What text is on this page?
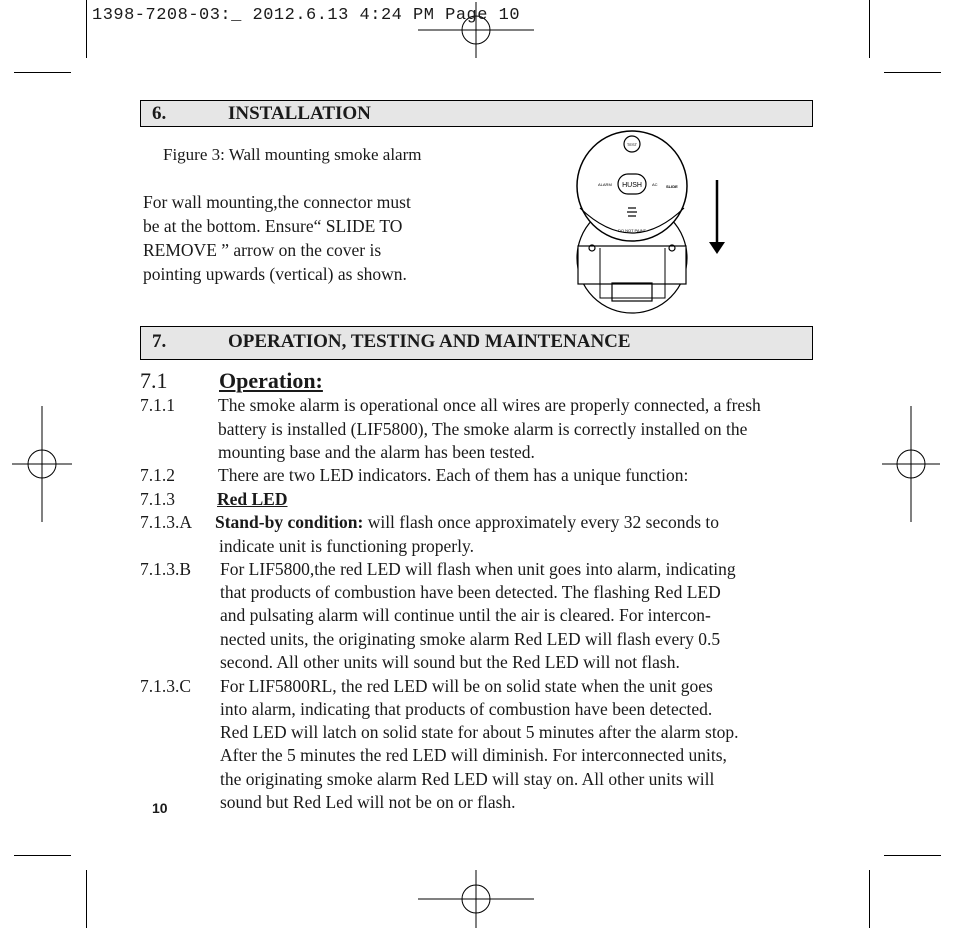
1398-7208-03:_ 2012.6.13 4:24 PM Page 10
6.	INSTALLATION
Figure 3: Wall mounting smoke alarm
For wall mounting,the connector must
be at the bottom. Ensure“ SLIDE TO
REMOVE ” arrow on the cover is
pointing upwards (vertical) as shown.
TEST
ALARM HUSH	AC SLIDE
DO NOT PAINT
7.	OPERATION, TESTING AND MAINTENANCE
7.1 Operation:
7.1.1 The smoke alarm is operational once all wires are properly connected, a fresh
battery is installed (LIF5800), The smoke alarm is correctly installed on the
mounting base and the alarm has been tested.
7.1.2 There are two LED indicators. Each of them has a unique function:
7.1.3 Red LED
7.1.3.A Stand-by condition: will flash once approximately every 32 seconds to
indicate unit is functioning properly.
7.1.3.B For LIF5800,the red LED will flash when unit goes into alarm, indicating
that products of combustion have been detected. The flashing Red LED
and pulsating alarm will continue until the air is cleared. For intercon-
nected units, the originating smoke alarm Red LED will flash every 0.5
second. All other units will sound but the Red LED will not flash.
7.1.3.C For LIF5800RL, the red LED will be on solid state when the unit goes
into alarm, indicating that products of combustion have been detected.
Red LED will latch on solid state for about 5 minutes after the alarm stop.
After the 5 minutes the red LED will diminish. For interconnected units,
the originating smoke alarm Red LED will stay on. All other units will
sound but Red Led will not be on or flash.
10
